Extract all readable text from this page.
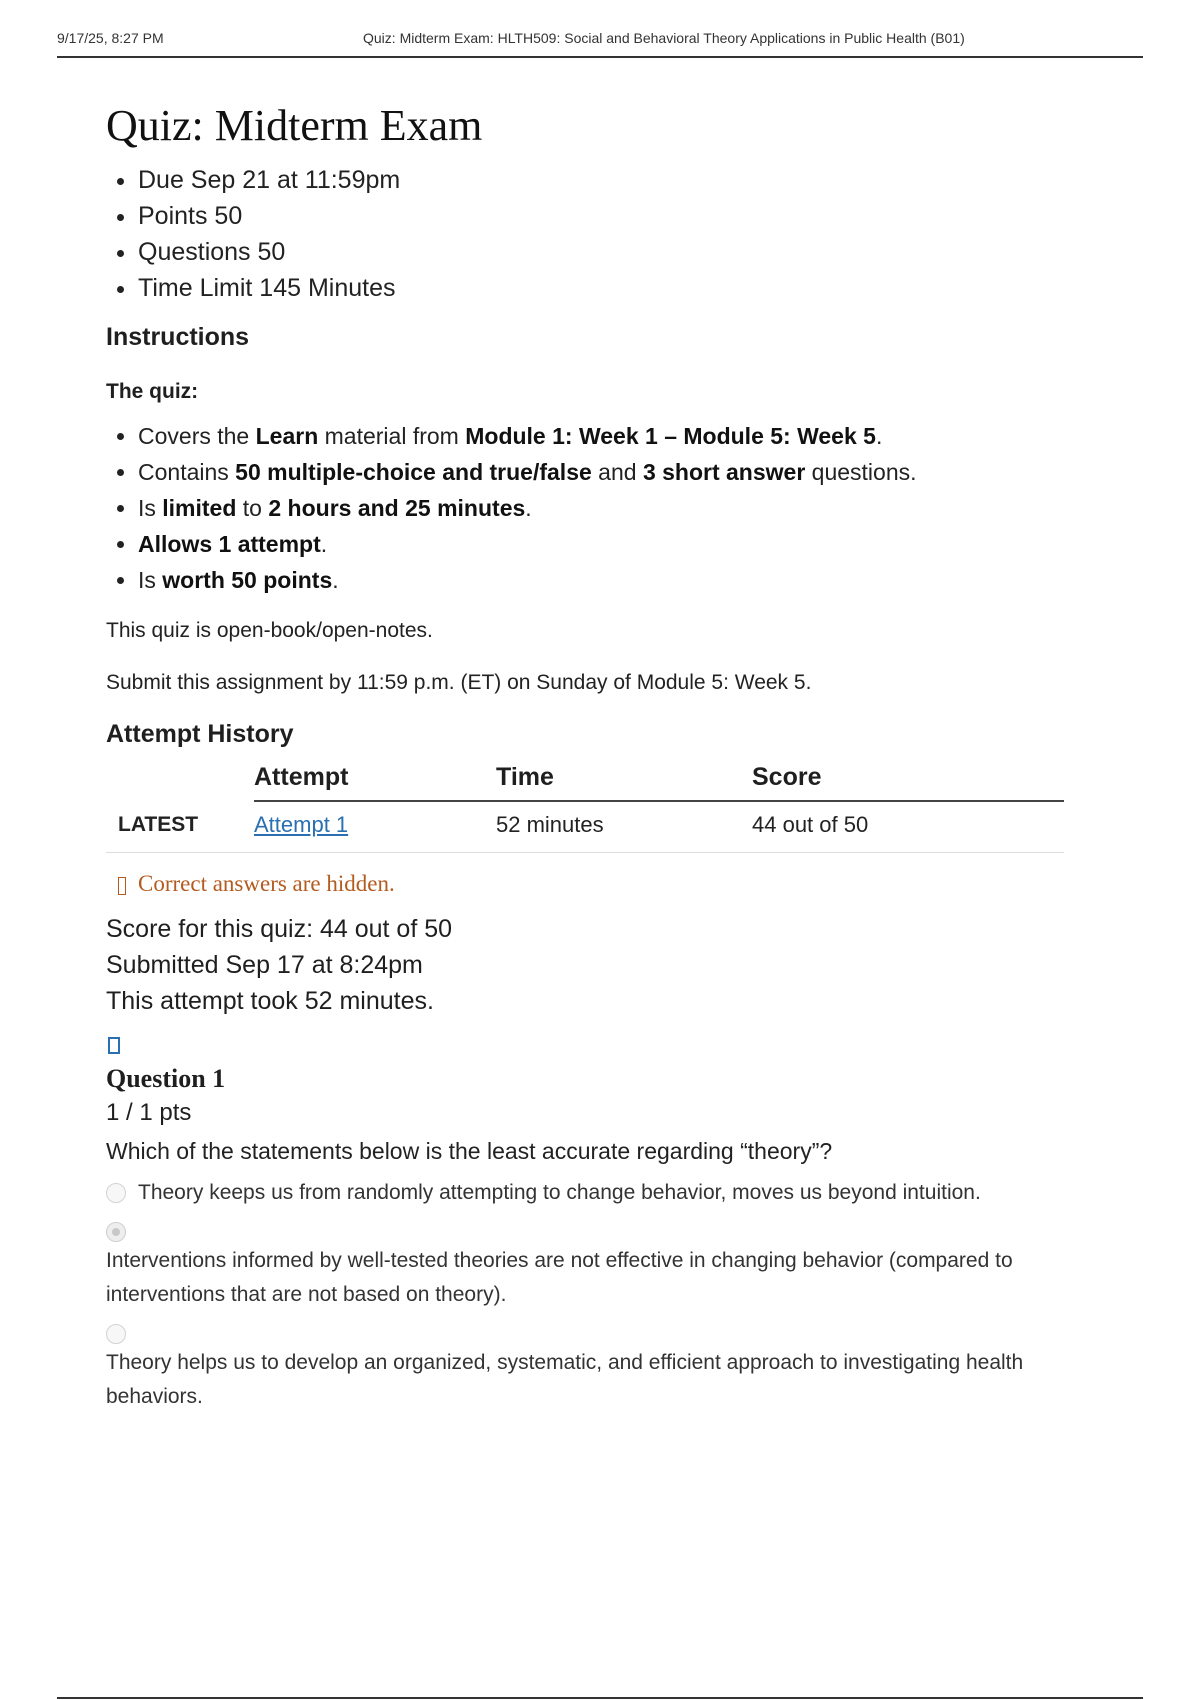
9/17/25, 8:27 PM	Quiz: Midterm Exam: HLTH509: Social and Behavioral Theory Applications in Public Health (B01)
Quiz: Midterm Exam
• Due Sep 21 at 11:59pm
• Points 50
• Questions 50
• Time Limit 145 Minutes
Instructions
The quiz:
• Covers the Learn material from Module 1: Week 1 – Module 5: Week 5.
• Contains 50 multiple-choice and true/false and 3 short answer questions.
• Is limited to 2 hours and 25 minutes.
• Allows 1 attempt.
• Is worth 50 points.

This quiz is open-book/open-notes.

Submit this assignment by 11:59 p.m. (ET) on Sunday of Module 5: Week 5.

Attempt History
	Attempt	Time	Score
LATEST	Attempt 1	52 minutes	44 out of 50
Correct answers are hidden.
Score for this quiz: 44 out of 50
Submitted Sep 17 at 8:24pm
This attempt took 52 minutes.
Question 1
1 / 1 pts
Which of the statements below is the least accurate regarding “theory”?
Theory keeps us from randomly attempting to change behavior, moves us beyond intuition.
Interventions informed by well-tested theories are not effective in changing behavior (compared to interventions that are not based on theory).
Theory helps us to develop an organized, systematic, and efficient approach to investigating health behaviors.
